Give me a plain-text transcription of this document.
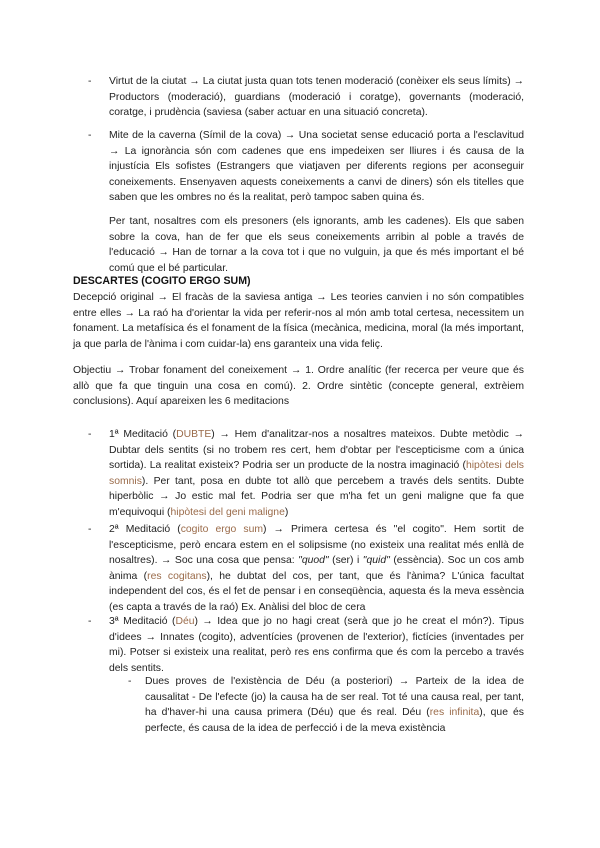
- Virtut de la ciutat → La ciutat justa quan tots tenen moderació (conèixer els seus límits) → Productors (moderació), guardians (moderació i coratge), governants (moderació, coratge, i prudència (saviesa (saber actuar en una situació concreta).
- Mite de la caverna (Símil de la cova) → Una societat sense educació porta a l'esclavitud → La ignorància són com cadenes que ens impedeixen ser lliures i és causa de la injustícia Els sofistes (Estrangers que viatjaven per diferents regions per aconseguir coneixements. Ensenyaven aquests coneixements a canvi de diners) són els titelles que saben que les ombres no és la realitat, però tampoc saben quina és.

Per tant, nosaltres com els presoners (els ignorants, amb les cadenes). Els que saben sobre la cova, han de fer que els seus coneixements arribin al poble a través de l'educació → Han de tornar a la cova tot i que no vulguin, ja que és més important el bé comú que el bé particular.

DESCARTES (COGITO ERGO SUM)

Decepció original → El fracàs de la saviesa antiga → Les teories canvien i no són compatibles entre elles → La raó ha d'orientar la vida per referir-nos al món amb total certesa, necessitem un fonament. La metafísica és el fonament de la física (mecànica, medicina, moral (la més important, ja que parla de l'ànima i com cuidar-la) ens garanteix una vida feliç.

Objectiu → Trobar fonament del coneixement → 1. Ordre analític (fer recerca per veure que és allò que fa que tinguin una cosa en comú). 2. Ordre sintètic (concepte general, extrèiem conclusions). Aquí apareixen les 6 meditacions

- 1ª Meditació (DUBTE) → Hem d'analitzar-nos a nosaltres mateixos. Dubte metòdic → Dubtar dels sentits (si no trobem res cert, hem d'obtar per l'escepticisme com a única sortida). La realitat existeix? Podria ser un producte de la nostra imaginació (hipòtesi dels somnis). Per tant, posa en dubte tot allò que percebem a través dels sentits. Dubte hiperbòlic → Jo estic mal fet. Podria ser que m'ha fet un geni maligne que fa que m'equivoqui (hipòtesi del geni maligne)
- 2ª Meditació (cogito ergo sum) → Primera certesa és "el cogito". Hem sortit de l'escepticisme, però encara estem en el solipsisme (no existeix una realitat més enllà de nosaltres). → Soc una cosa que pensa: "quod" (ser) i "quid" (essència). Soc un cos amb ànima (res cogitans), he dubtat del cos, per tant, que és l'ànima? L'única facultat independent del cos, és el fet de pensar i en conseqüència, aquesta és la meva essència (es capta a través de la raó) Ex. Anàlisi del bloc de cera
- 3ª Meditació (Déu) → Idea que jo no hagi creat (serà que jo he creat el món?). Tipus d'idees → Innates (cogito), adventícies (provenen de l'exterior), fictícies (inventades per mi). Potser si existeix una realitat, però res ens confirma que és com la percebo a través dels sentits.
- Dues proves de l'existència de Déu (a posteriori) → Parteix de la idea de causalitat - De l'efecte (jo) la causa ha de ser real. Tot té una causa real, per tant, ha d'haver-hi una causa primera (Déu) que és real. Déu (res infinita), que és perfecte, és causa de la idea de perfecció i de la meva existència
